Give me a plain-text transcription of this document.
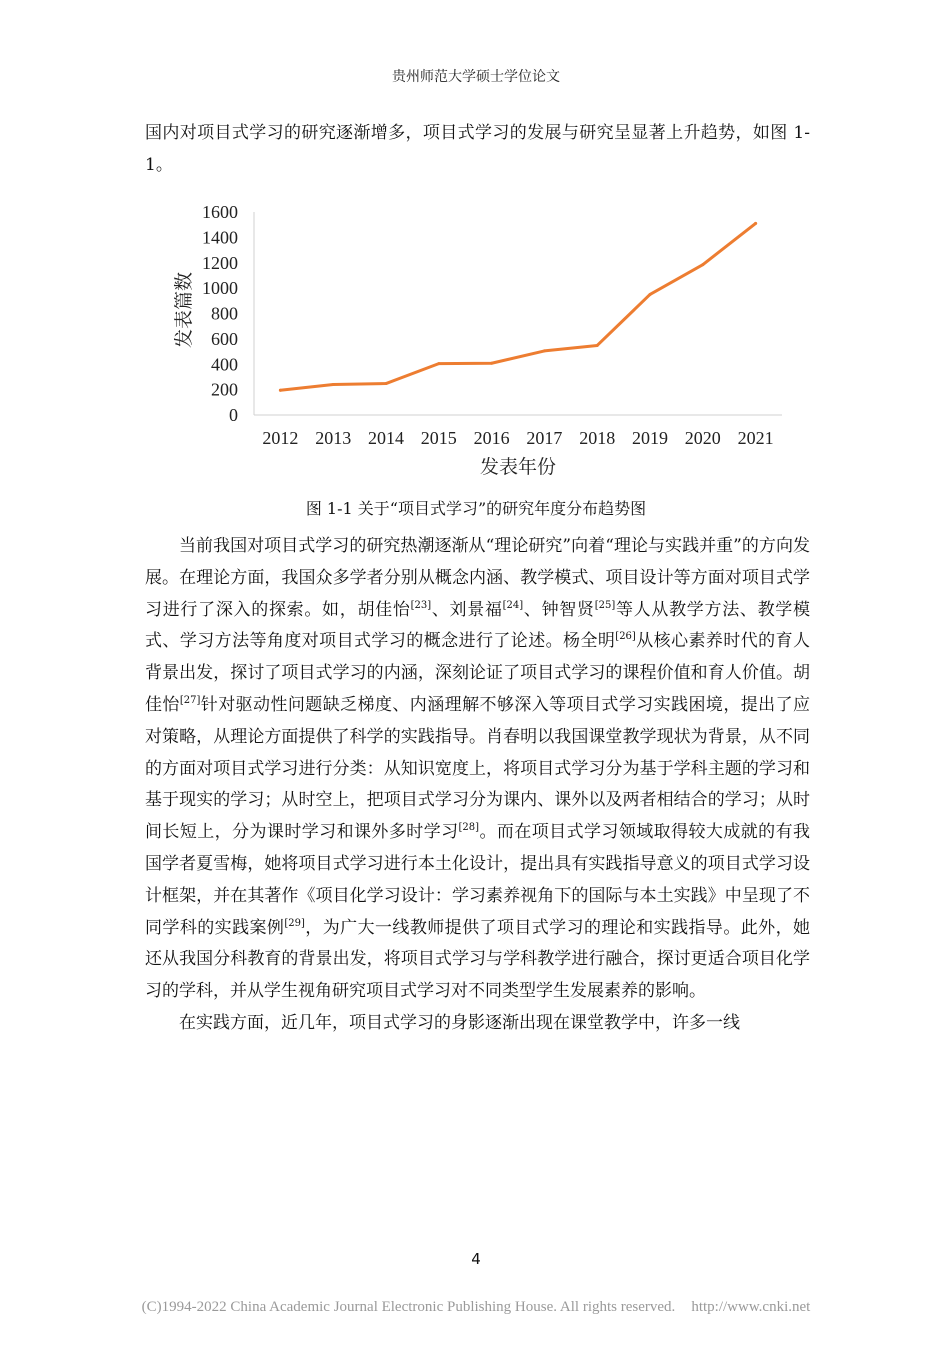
贵州师范大学硕士学位论文

国内对项目式学习的研究逐渐增多，项目式学习的发展与研究呈显著上升趋势，如图 1-1。

0
200
400
600
800
1000
1200
1400
1600
2012 2013 2014 2015 2016 2017 2018 2019 2020 2021
发表年份
发表篇数
图 1-1 关于“项目式学习”的研究年度分布趋势图

当前我国对项目式学习的研究热潮逐渐从“理论研究”向着“理论与实践并重”的方向发展。在理论方面，我国众多学者分别从概念内涵、教学模式、项目设计等方面对项目式学习进行了深入的探索。如，胡佳怡[23]、刘景福[24]、钟智贤[25]等人从教学方法、教学模式、学习方法等角度对项目式学习的概念进行了论述。杨全明[26]从核心素养时代的育人背景出发，探讨了项目式学习的内涵，深刻论证了项目式学习的课程价值和育人价值。胡佳怡[27]针对驱动性问题缺乏梯度、内涵理解不够深入等项目式学习实践困境，提出了应对策略，从理论方面提供了科学的实践指导。肖春明以我国课堂教学现状为背景，从不同的方面对项目式学习进行分类：从知识宽度上，将项目式学习分为基于学科主题的学习和基于现实的学习；从时空上，把项目式学习分为课内、课外以及两者相结合的学习；从时间长短上，分为课时学习和课外多时学习[28]。而在项目式学习领域取得较大成就的有我国学者夏雪梅，她将项目式学习进行本土化设计，提出具有实践指导意义的项目式学习设计框架，并在其著作《项目化学习设计：学习素养视角下的国际与本土实践》中呈现了不同学科的实践案例[29]，为广大一线教师提供了项目式学习的理论和实践指导。此外，她还从我国分科教育的背景出发，将项目式学习与学科教学进行融合，探讨更适合项目化学习的学科，并从学生视角研究项目式学习对不同类型学生发展素养的影响。

在实践方面，近几年，项目式学习的身影逐渐出现在课堂教学中，许多一线

4
(C)1994-2022 China Academic Journal Electronic Publishing House. All rights reserved. http://www.cnki.net
